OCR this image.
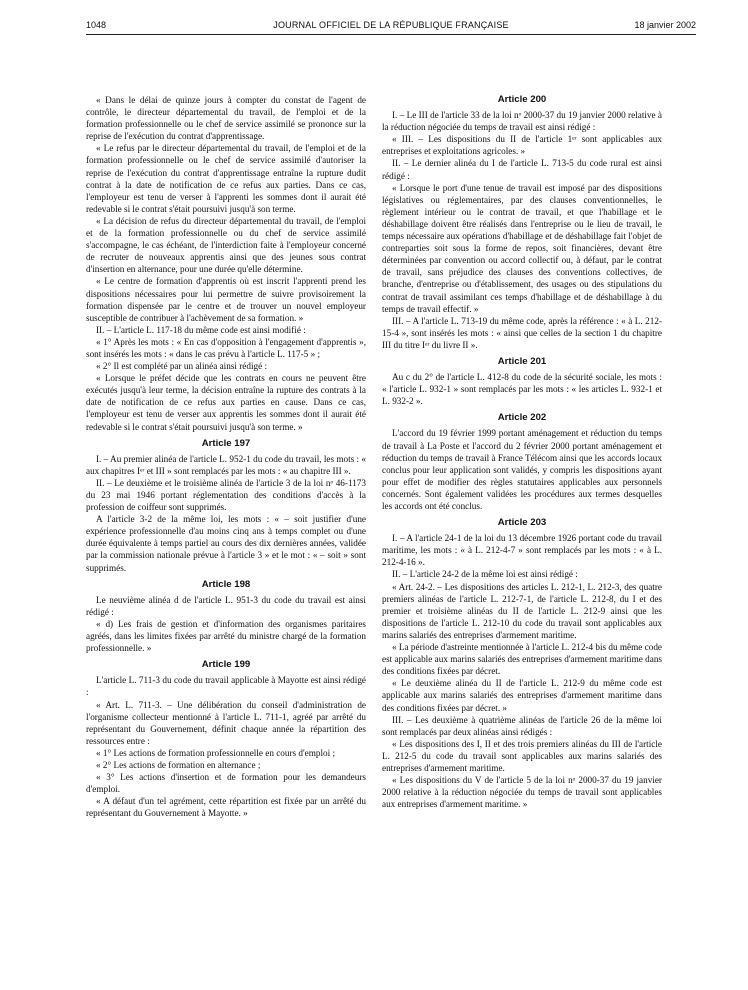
1048	JOURNAL OFFICIEL DE LA RÉPUBLIQUE FRANÇAISE	18 janvier 2002

« Dans le délai de quinze jours à compter du constat de l'agent de contrôle, le directeur départemental du travail, de l'emploi et de la formation professionnelle ou le chef de service assimilé se prononce sur la reprise de l'exécution du contrat d'apprentissage.

« Le refus par le directeur départemental du travail, de l'emploi et de la formation professionnelle ou le chef de service assimilé d'autoriser la reprise de l'exécution du contrat d'apprentissage entraîne la rupture dudit contrat à la date de notification de ce refus aux parties. Dans ce cas, l'employeur est tenu de verser à l'apprenti les sommes dont il aurait été redevable si le contrat s'était poursuivi jusqu'à son terme.

« La décision de refus du directeur départemental du travail, de l'emploi et de la formation professionnelle ou du chef de service assimilé s'accompagne, le cas échéant, de l'interdiction faite à l'employeur concerné de recruter de nouveaux apprentis ainsi que des jeunes sous contrat d'insertion en alternance, pour une durée qu'elle détermine.

« Le centre de formation d'apprentis où est inscrit l'apprenti prend les dispositions nécessaires pour lui permettre de suivre provisoirement la formation dispensée par le centre et de trouver un nouvel employeur susceptible de contribuer à l'achèvement de sa formation. »

II. – L'article L. 117-18 du même code est ainsi modifié :

« 1° Après les mots : « En cas d'opposition à l'engagement d'apprentis », sont insérés les mots : « dans le cas prévu à l'article L. 117-5 » ;

« 2° Il est complété par un alinéa ainsi rédigé :

« Lorsque le préfet décide que les contrats en cours ne peuvent être exécutés jusqu'à leur terme, la décision entraîne la rupture des contrats à la date de notification de ce refus aux parties en cause. Dans ce cas, l'employeur est tenu de verser aux apprentis les sommes dont il aurait été redevable si le contrat s'était poursuivi jusqu'à son terme. »

Article 197

I. – Au premier alinéa de l'article L. 952-1 du code du travail, les mots : « aux chapitres Iᵉʳ et III » sont remplacés par les mots : « au chapitre III ».

II. – Le deuxième et le troisième alinéa de l'article 3 de la loi nᵒ 46-1173 du 23 mai 1946 portant réglementation des conditions d'accès à la profession de coiffeur sont supprimés.

A l'article 3-2 de la même loi, les mots : « – soit justifier d'une expérience professionnelle d'au moins cinq ans à temps complet ou d'une durée équivalente à temps partiel au cours des dix dernières années, validée par la commission nationale prévue à l'article 3 » et le mot : « – soit » sont supprimés.

Article 198

Le neuvième alinéa d de l'article L. 951-3 du code du travail est ainsi rédigé :

« d) Les frais de gestion et d'information des organismes paritaires agréés, dans les limites fixées par arrêté du ministre chargé de la formation professionnelle. »

Article 199

L'article L. 711-3 du code du travail applicable à Mayotte est ainsi rédigé :

« Art. L. 711-3. – Une délibération du conseil d'administration de l'organisme collecteur mentionné à l'article L. 711-1, agréé par arrêté du représentant du Gouvernement, définit chaque année la répartition des ressources entre :

« 1° Les actions de formation professionnelle en cours d'emploi ;

« 2° Les actions de formation en alternance ;

« 3° Les actions d'insertion et de formation pour les demandeurs d'emploi.

« A défaut d'un tel agrément, cette répartition est fixée par un arrêté du représentant du Gouvernement à Mayotte. »

Article 200

I. – Le III de l'article 33 de la loi nᵒ 2000-37 du 19 janvier 2000 relative à la réduction négociée du temps de travail est ainsi rédigé :

« III. – Les dispositions du II de l'article 1ᵉʳ sont applicables aux entreprises et exploitations agricoles. »

II. – Le dernier alinéa du I de l'article L. 713-5 du code rural est ainsi rédigé :

« Lorsque le port d'une tenue de travail est imposé par des dispositions législatives ou réglementaires, par des clauses conventionnelles, le règlement intérieur ou le contrat de travail, et que l'habillage et le déshabillage doivent être réalisés dans l'entreprise ou le lieu de travail, le temps nécessaire aux opérations d'habillage et de déshabillage fait l'objet de contreparties soit sous la forme de repos, soit financières, devant être déterminées par convention ou accord collectif ou, à défaut, par le contrat de travail, sans préjudice des clauses des conventions collectives, de branche, d'entreprise ou d'établissement, des usages ou des stipulations du contrat de travail assimilant ces temps d'habillage et de déshabillage à du temps de travail effectif. »

III. – A l'article L. 713-19 du même code, après la référence : « à L. 212-15-4 », sont insérés les mots : « ainsi que celles de la section 1 du chapitre III du titre Iᵉʳ du livre II ».

Article 201

Au c du 2° de l'article L. 412-8 du code de la sécurité sociale, les mots : « l'article L. 932-1 » sont remplacés par les mots : « les articles L. 932-1 et L. 932-2 ».

Article 202

L'accord du 19 février 1999 portant aménagement et réduction du temps de travail à La Poste et l'accord du 2 février 2000 portant aménagement et réduction du temps de travail à France Télécom ainsi que les accords locaux conclus pour leur application sont validés, y compris les dispositions ayant pour effet de modifier des règles statutaires applicables aux personnels concernés. Sont également validées les procédures aux termes desquelles les accords ont été conclus.

Article 203

I. – A l'article 24-1 de la loi du 13 décembre 1926 portant code du travail maritime, les mots : « à L. 212-4-7 » sont remplacés par les mots : « à L. 212-4-16 ».

II. – L'article 24-2 de la même loi est ainsi rédigé :

« Art. 24-2. – Les dispositions des articles L. 212-1, L. 212-3, des quatre premiers alinéas de l'article L. 212-7-1, de l'article L. 212-8, du I et des premier et troisième alinéas du II de l'article L. 212-9 ainsi que les dispositions de l'article L. 212-10 du code du travail sont applicables aux marins salariés des entreprises d'armement maritime.

« La période d'astreinte mentionnée à l'article L. 212-4 bis du même code est applicable aux marins salariés des entreprises d'armement maritime dans des conditions fixées par décret.

« Le deuxième alinéa du II de l'article L. 212-9 du même code est applicable aux marins salariés des entreprises d'armement maritime dans des conditions fixées par décret. »

III. – Les deuxième à quatrième alinéas de l'article 26 de la même loi sont remplacés par deux alinéas ainsi rédigés :

« Les dispositions des I, II et des trois premiers alinéas du III de l'article L. 212-5 du code du travail sont applicables aux marins salariés des entreprises d'armement maritime.

« Les dispositions du V de l'article 5 de la loi nᵒ 2000-37 du 19 janvier 2000 relative à la réduction négociée du temps de travail sont applicables aux entreprises d'armement maritime. »
